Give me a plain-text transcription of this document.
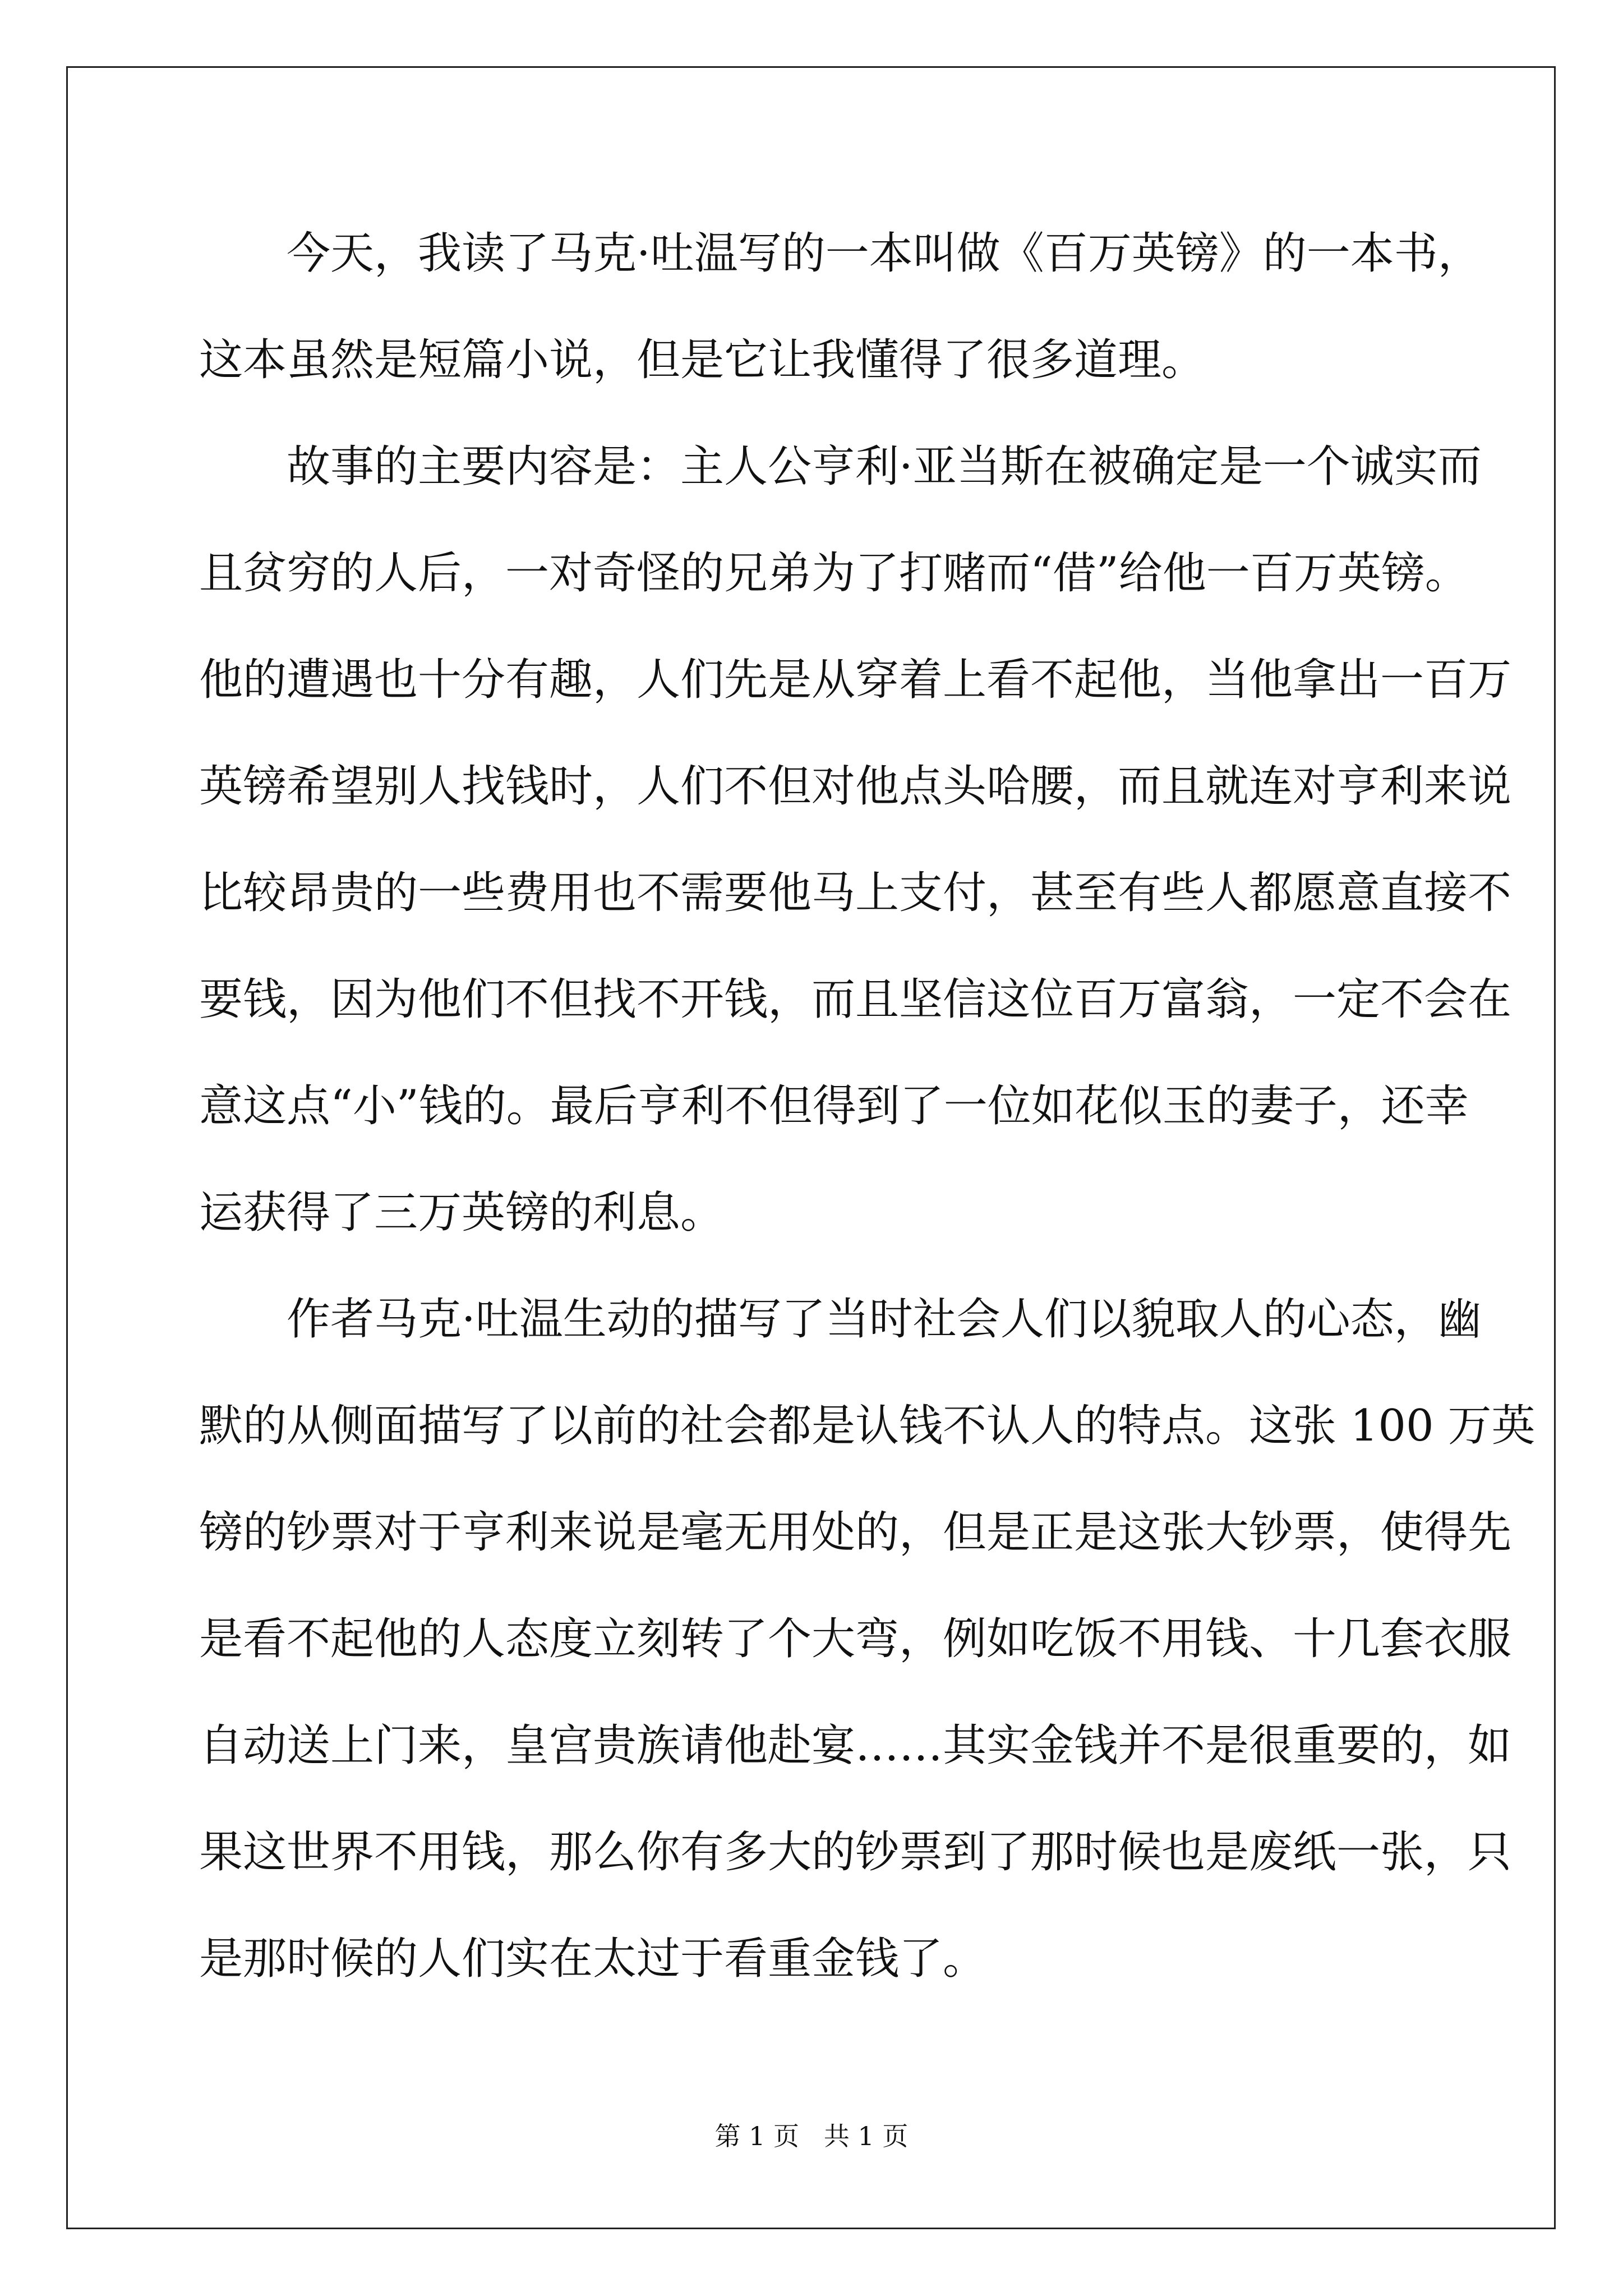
今天，我读了马克·吐温写的一本叫做《百万英镑》的一本书，
这本虽然是短篇小说，但是它让我懂得了很多道理。
故事的主要内容是：主人公亨利·亚当斯在被确定是一个诚实而
且贫穷的人后，一对奇怪的兄弟为了打赌而“借”给他一百万英镑。
他的遭遇也十分有趣，人们先是从穿着上看不起他，当他拿出一百万
英镑希望别人找钱时，人们不但对他点头哈腰，而且就连对亨利来说
比较昂贵的一些费用也不需要他马上支付，甚至有些人都愿意直接不
要钱，因为他们不但找不开钱，而且坚信这位百万富翁，一定不会在
意这点“小”钱的。最后亨利不但得到了一位如花似玉的妻子，还幸
运获得了三万英镑的利息。
作者马克·吐温生动的描写了当时社会人们以貌取人的心态，幽
默的从侧面描写了以前的社会都是认钱不认人的特点。这张 100 万英
镑的钞票对于亨利来说是毫无用处的，但是正是这张大钞票，使得先
是看不起他的人态度立刻转了个大弯，例如吃饭不用钱、十几套衣服
自动送上门来，皇宫贵族请他赴宴……其实金钱并不是很重要的，如
果这世界不用钱，那么你有多大的钞票到了那时候也是废纸一张，只
是那时候的人们实在太过于看重金钱了。
第 1 页   共 1 页
